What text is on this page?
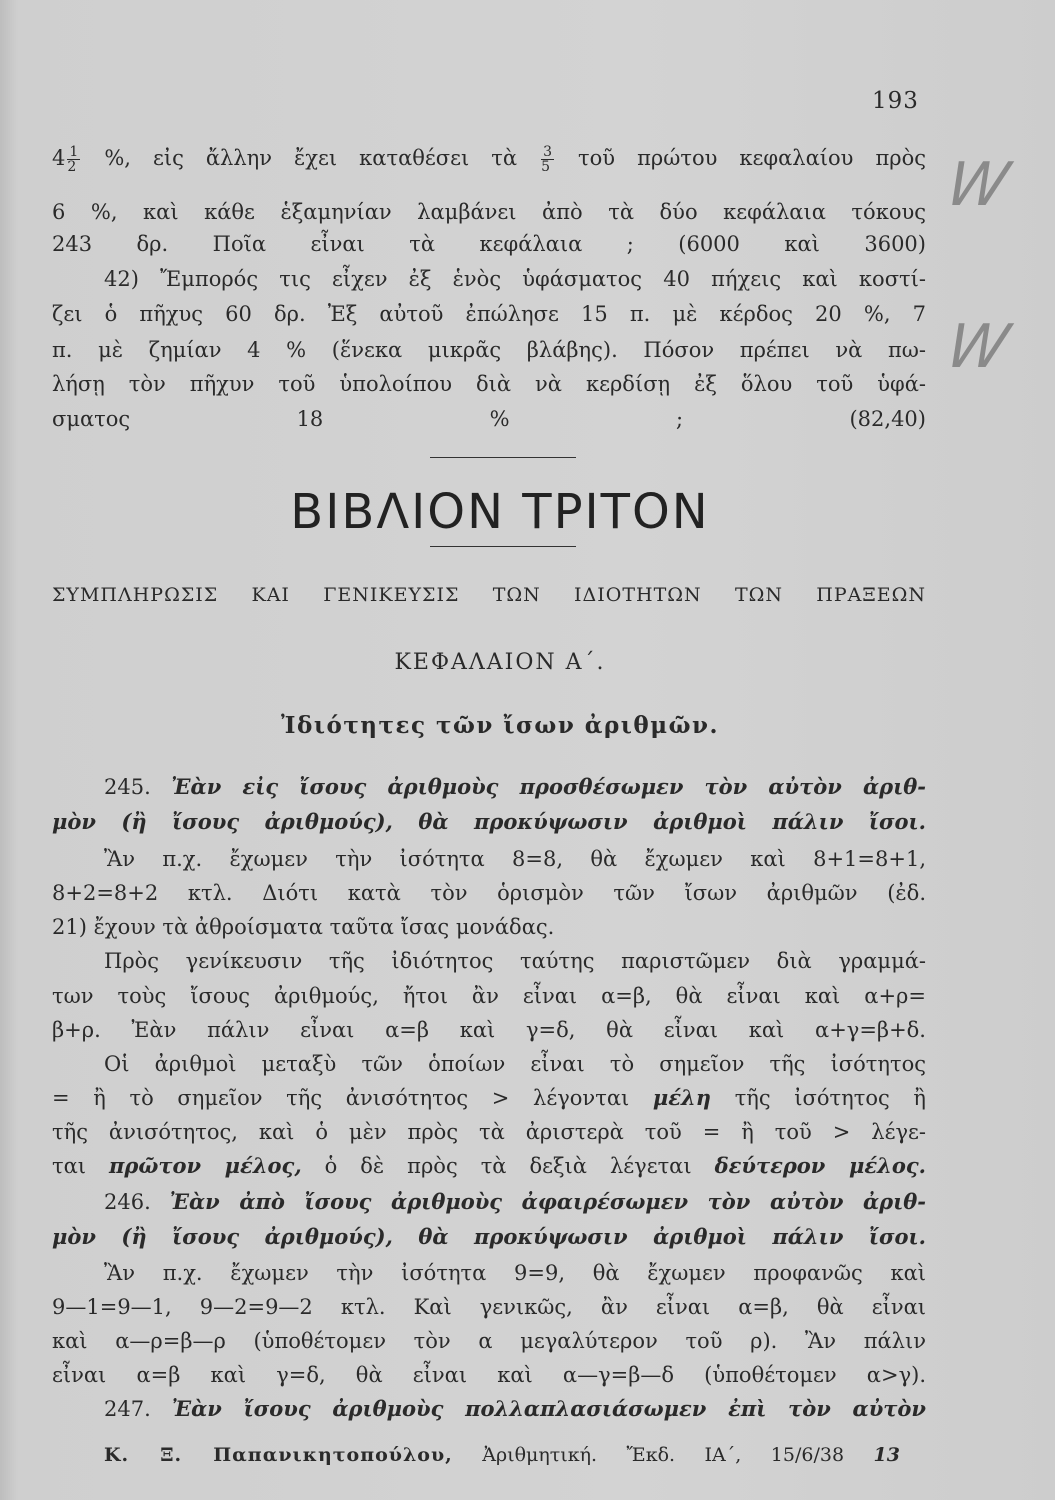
193
$4 \frac{1}{2}$ %, εἰς ἄλλην ἔχει καταθέσει τὰ $\frac{3}{5}$ τοῦ πρώτου κεφαλαίου πρὸς
6 %, καὶ κάθε ἑξαμηνίαν λαμβάνει ἀπὸ τὰ δύο κεφάλαια τόκους
243 δρ. Ποῖα εἶναι τὰ κεφάλαια ; (6000 καὶ 3600)
42) Ἔμπορός τις εἶχεν ἐξ ἑνὸς ὑφάσματος 40 πήχεις καὶ κοστί-
ζει ὁ πῆχυς 60 δρ. Ἐξ αὐτοῦ ἐπώλησε 15 π. μὲ κέρδος 20 %, 7
π. μὲ ζημίαν 4 % (ἕνεκα μικρᾶς βλάβης). Πόσον πρέπει νὰ πω-
λήσῃ τὸν πῆχυν τοῦ ὑπολοίπου διὰ νὰ κερδίσῃ ἐξ ὅλου τοῦ ὑφά-
σματος 18 % ; (82,40)
W
W
ΒΙΒΛΙΟΝ ΤΡΙΤΟΝ
ΣΥΜΠΛΗΡΩΣΙΣ ΚΑΙ ΓΕΝΙΚΕΥΣΙΣ ΤΩΝ ΙΔΙΟΤΗΤΩΝ ΤΩΝ ΠΡΑΞΕΩΝ
ΚΕΦΑΛΑΙΟΝ Α΄.
Ἰδιότητες τῶν ἴσων ἀριθμῶν.
245. Ἐὰν εἰς ἴσους ἀριθμοὺς προσθέσωμεν τὸν αὐτὸν ἀριθ-
μὸν (ἢ ἴσους ἀριθμούς), θὰ προκύψωσιν ἀριθμοὶ πάλιν ἴσοι.
Ἂν π.χ. ἔχωμεν τὴν ἰσότητα 8=8, θὰ ἔχωμεν καὶ 8+1=8+1,
8+2=8+2 κτλ. Διότι κατὰ τὸν ὁρισμὸν τῶν ἴσων ἀριθμῶν (ἐδ.
21) ἔχουν τὰ ἀθροίσματα ταῦτα ἴσας μονάδας.
Πρὸς γενίκευσιν τῆς ἰδιότητος ταύτης παριστῶμεν διὰ γραμμά-
των τοὺς ἴσους ἀριθμούς, ἤτοι ἂν εἶναι α=β, θὰ εἶναι καὶ α+ρ=
β+ρ. Ἐὰν πάλιν εἶναι α=β καὶ γ=δ, θὰ εἶναι καὶ α+γ=β+δ.
Οἱ ἀριθμοὶ μεταξὺ τῶν ὁποίων εἶναι τὸ σημεῖον τῆς ἰσότητος
= ἢ τὸ σημεῖον τῆς ἀνισότητος > λέγονται μέλη τῆς ἰσότητος ἢ
τῆς ἀνισότητος, καὶ ὁ μὲν πρὸς τὰ ἀριστερὰ τοῦ = ἢ τοῦ > λέγε-
ται πρῶτον μέλος, ὁ δὲ πρὸς τὰ δεξιὰ λέγεται δεύτερον μέλος.
246. Ἐὰν ἀπὸ ἴσους ἀριθμοὺς ἀφαιρέσωμεν τὸν αὐτὸν ἀριθ-
μὸν (ἢ ἴσους ἀριθμούς), θὰ προκύψωσιν ἀριθμοὶ πάλιν ἴσοι.
Ἂν π.χ. ἔχωμεν τὴν ἰσότητα 9=9, θὰ ἔχωμεν προφανῶς καὶ
9—1=9—1, 9—2=9—2 κτλ. Καὶ γενικῶς, ἂν εἶναι α=β, θὰ εἶναι
καὶ α—ρ=β—ρ (ὑποθέτομεν τὸν α μεγαλύτερον τοῦ ρ). Ἂν πάλιν
εἶναι α=β καὶ γ=δ, θὰ εἶναι καὶ α—γ=β—δ (ὑποθέτομεν α>γ).
247. Ἐὰν ἴσους ἀριθμοὺς πολλαπλασιάσωμεν ἐπὶ τὸν αὐτὸν
Κ. Ξ. Παπανικητοπούλου, Ἀριθμητική. Ἔκδ. ΙΑ΄, 15/6/38 13
